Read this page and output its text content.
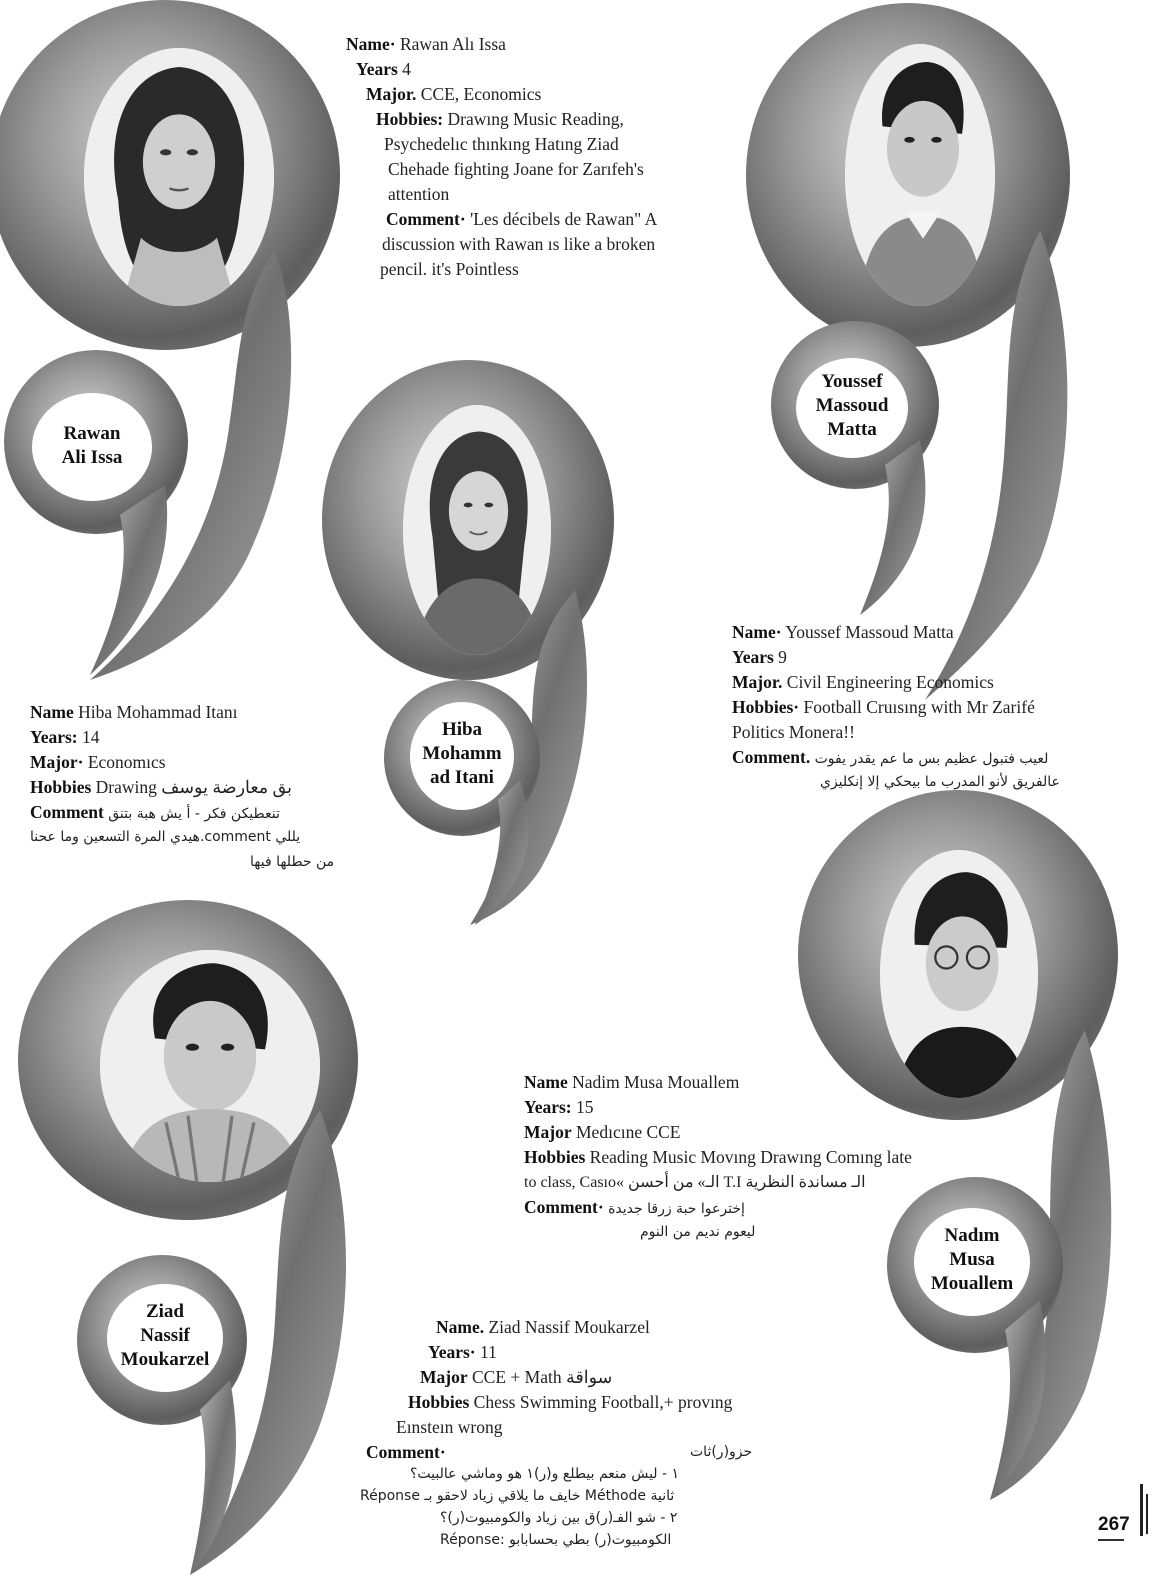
Rawan
Ali Issa
Youssef
Massoud
Matta
Hiba
Mohamm
ad Itani
Nadım
Musa
Mouallem
Ziad
Nassif
Moukarzel
Name· Rawan Alı Issa
Years 4
Major. CCE, Economics
Hobbies: Drawıng Music Reading,
Psychedelıc thınkıng Hatıng Ziad
Chehade fighting Joane for Zarıfeh's
attention
Comment· 'Les décibels de Rawan" A
discussion with Rawan ıs like a broken
pencil. it's Pointless
Name· Youssef Massoud Matta
Years 9
Major. Civil Engineering Economics
Hobbies· Football Cruısıng with Mr Zarifé
Politics Monera!!
Comment. لعيب فتبول عظيم بس ما عم يقدر يفوت
عالفريق لأنو المدرب ما بيحكي إلا إنكليزي
Name Hiba Mohammad Itanı
Years: 14
Major· Economıcs
Hobbies Drawing بق معارضة يوسف
Comment تنعطيكن فكر - أ يش هبة بتنق
هيدي المرة التسعين وما عحنا.comment يللي
من حطلها فيها
Name Nadim Musa Mouallem
Years: 15
Major Medıcıne CCE
Hobbies Reading Music Movıng Drawıng Comıng late
to class, Casıo« الـ» من أحسن T.I الـ مساندة النظرية
Comment· إخترعوا حبة زرقا جديدة
ليعوم نديم من النوم
Name. Ziad Nassif Moukarzel
Years· 11
Major CCE + Math سواقة
Hobbies Chess Swimming Football,+ provıng
Eınsteın wrong
Comment·	حزو(ر)ثات
١ - ليش منعم بيطلع و(ر)١ هو وماشي عالبيت؟
Réponse خايف ما يلاقي زياد لاحقو بـ Méthode ثانية
٢ - شو الفـ(ر)ق بين زياد والكومبيوت(ر)؟
Réponse: الكومبيوت(ر) بطي بحسابابو
267
